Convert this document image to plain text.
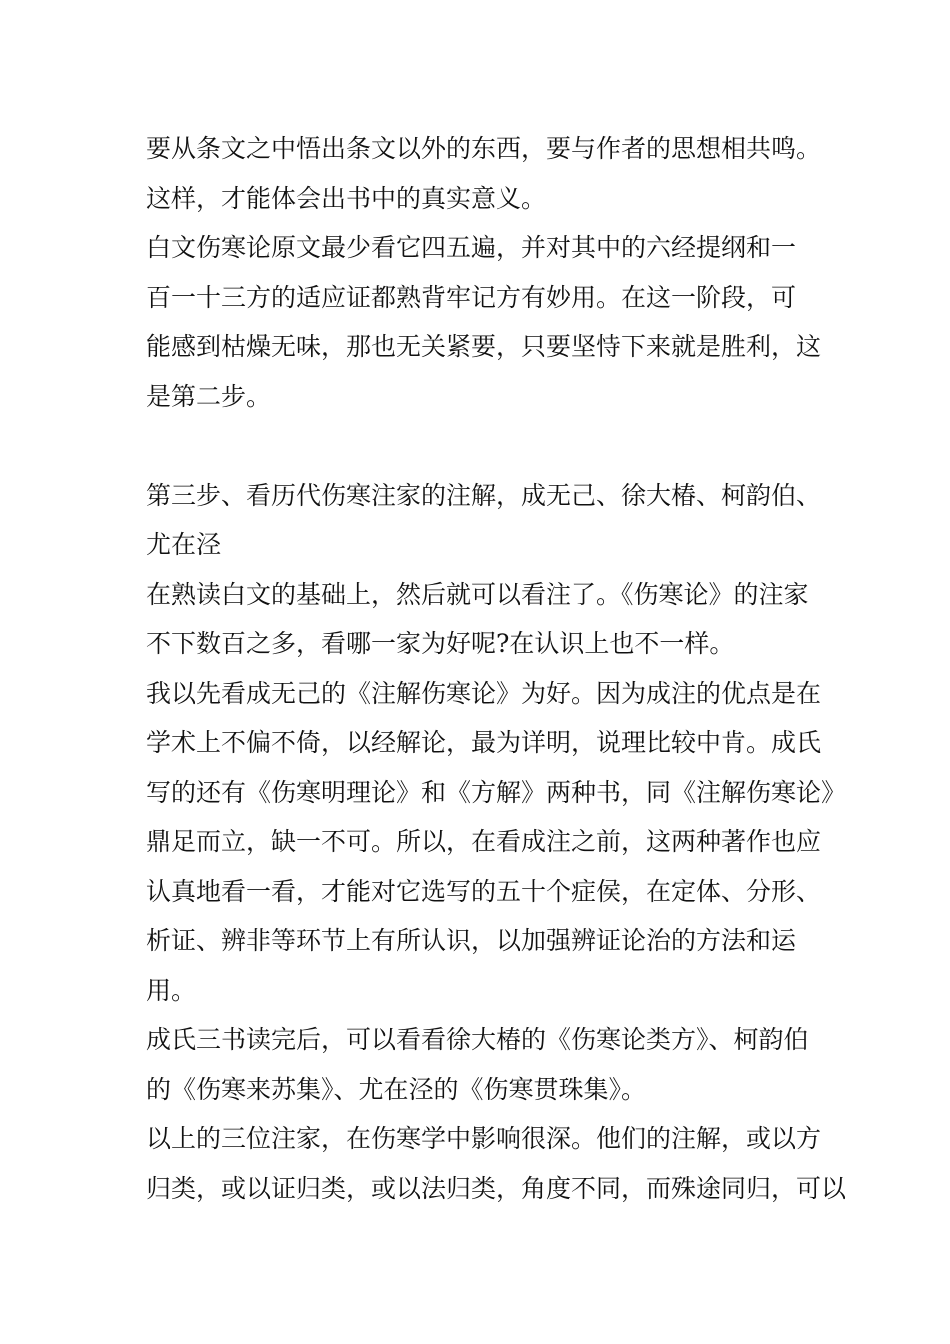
要从条文之中悟出条文以外的东西，要与作者的思想相共鸣。
这样，才能体会出书中的真实意义。
白文伤寒论原文最少看它四五遍，并对其中的六经提纲和一
百一十三方的适应证都熟背牢记方有妙用。在这一阶段，可
能感到枯燥无味，那也无关紧要，只要坚恃下来就是胜利，这
是第二步。
第三步、看历代伤寒注家的注解，成无己、徐大椿、柯韵伯、
尤在泾
在熟读白文的基础上，然后就可以看注了。《伤寒论》的注家
不下数百之多，看哪一家为好呢?在认识上也不一样。
我以先看成无己的《注解伤寒论》为好。因为成注的优点是在
学术上不偏不倚，以经解论，最为详明，说理比较中肯。成氏
写的还有《伤寒明理论》和《方解》两种书，同《注解伤寒论》
鼎足而立，缺一不可。所以，在看成注之前，这两种著作也应
认真地看一看，才能对它选写的五十个症侯，在定体、分形、
析证、辨非等环节上有所认识，以加强辨证论治的方法和运
用。
成氏三书读完后，可以看看徐大椿的《伤寒论类方》、柯韵伯
的《伤寒来苏集》、尤在泾的《伤寒贯珠集》。
以上的三位注家，在伤寒学中影响很深。他们的注解，或以方
归类，或以证归类，或以法归类，角度不同，而殊途同归，可以
